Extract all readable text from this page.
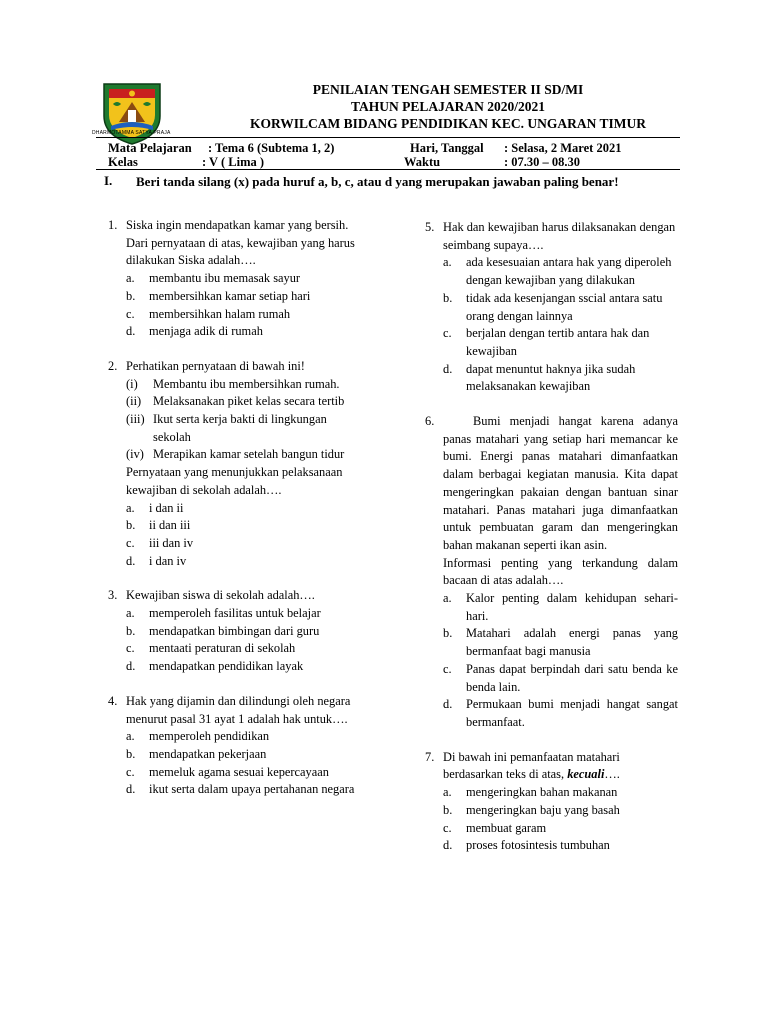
DHARMOTAMMA SATYA PRAJA
PENILAIAN TENGAH SEMESTER II SD/MI
TAHUN PELAJARAN 2020/2021
KORWILCAM BIDANG PENDIDIKAN KEC. UNGARAN TIMUR
Mata Pelajaran : Tema 6 (Subtema 1, 2)
Kelas	: V ( Lima )
Hari, Tanggal : Selasa, 2 Maret 2021
Waktu	: 07.30 – 08.30
I. Beri tanda silang (x) pada huruf a, b, c, atau d yang merupakan jawaban paling benar!
1. Siska ingin mendapatkan kamar yang bersih.

Dari pernyataan di atas, kewajiban yang harus dilakukan Siska adalah….

a. membantu ibu memasak sayur
b. membersihkan kamar setiap hari
c. membersihkan halam rumah
d. menjaga adik di rumah
2. Perhatikan pernyataan di bawah ini!

(i) Membantu ibu membersihkan rumah.
(ii) Melaksanakan piket kelas secara tertib
(iii) Ikut serta kerja bakti di lingkungan sekolah
(iv) Merapikan kamar setelah bangun tidur

Pernyataan yang menunjukkan pelaksanaan kewajiban di sekolah adalah….

a. i dan ii
b. ii dan iii
c. iii dan iv
d. i dan iv
3. Kewajiban siswa di sekolah adalah….

a. memperoleh fasilitas untuk belajar
b. mendapatkan bimbingan dari guru
c. mentaati peraturan di sekolah
d. mendapatkan pendidikan layak
4. Hak yang dijamin dan dilindungi oleh negara menurut pasal 31 ayat 1 adalah hak untuk….

a. memperoleh pendidikan
b. mendapatkan pekerjaan
c. memeluk agama sesuai kepercayaan
d. ikut serta dalam upaya pertahanan negara
5. Hak dan kewajiban harus dilaksanakan dengan seimbang supaya….

a. ada kesesuaian antara hak yang diperoleh dengan kewajiban yang dilakukan
b. tidak ada kesenjangan sscial antara satu orang dengan lainnya
c. berjalan dengan tertib antara hak dan kewajiban
d. dapat menuntut haknya jika sudah melaksanakan kewajiban
6.	Bumi menjadi hangat karena adanya panas matahari yang setiap hari memancar ke bumi. Energi panas matahari dimanfaatkan dalam berbagai kegiatan manusia. Kita dapat mengeringkan pakaian dengan bantuan sinar matahari. Panas matahari juga dimanfaatkan untuk pembuatan garam dan mengeringkan bahan makanan seperti ikan asin.

Informasi penting yang terkandung dalam bacaan di atas adalah….

a. Kalor penting dalam kehidupan sehari-hari.
b. Matahari adalah energi panas yang bermanfaat bagi manusia
c. Panas dapat berpindah dari satu benda ke benda lain.
d. Permukaan bumi menjadi hangat sangat bermanfaat.
7. Di bawah ini pemanfaatan matahari berdasarkan teks di atas, kecuali….

a. mengeringkan bahan makanan
b. mengeringkan baju yang basah
c. membuat garam
d. proses fotosintesis tumbuhan
